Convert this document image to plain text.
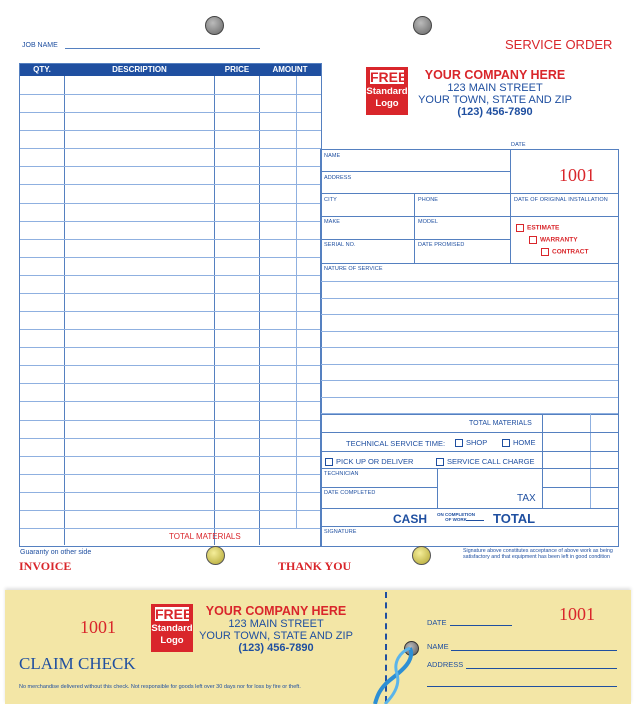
JOB NAME	SERVICE ORDER
QTY.	DESCRIPTION	PRICE	AMOUNT
TOTAL MATERIALS
FREE
Standard
Logo
YOUR COMPANY HERE
123 MAIN STREET
YOUR TOWN, STATE AND ZIP
(123) 456-7890
DATE
NAME
1001
ADDRESS
CITY	PHONE	DATE OF ORIGINAL INSTALLATION
MAKE	MODEL
SERIAL NO.	DATE PROMISED
ESTIMATE
WARRANTY
CONTRACT
NATURE OF SERVICE
TOTAL MATERIALS
TECHNICAL SERVICE TIME:	SHOP	HOME
PICK UP OR DELIVER	SERVICE CALL CHARGE
TECHNICIAN
DATE COMPLETED	TAX
CASH ON COMPLETION
OF WORK	TOTAL
SIGNATURE
Guaranty on other side
INVOICE	THANK YOU
Signature above constitutes acceptance of above work as being
satisfactory and that equipment has been left in good condition
1001
FREE
Standard
Logo
YOUR COMPANY HERE
123 MAIN STREET
YOUR TOWN, STATE AND ZIP
(123) 456-7890
CLAIM CHECK
No merchandise delivered without this check. Not responsible for goods left over 30 days nor for loss by fire or theft.
1001
DATE
NAME
ADDRESS
